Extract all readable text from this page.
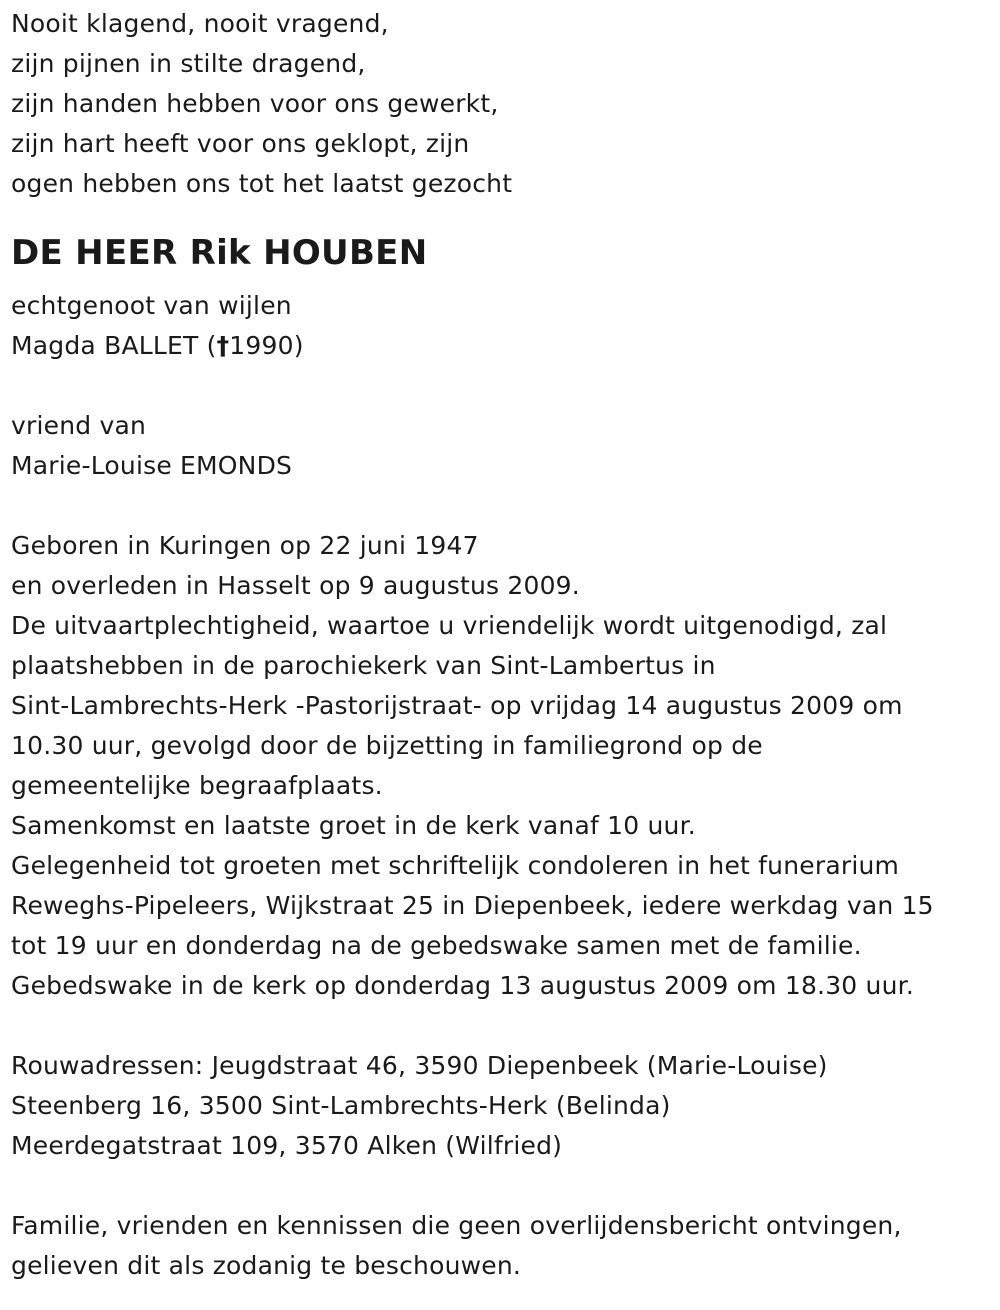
Nooit klagend, nooit vragend,
zijn pijnen in stilte dragend,
zijn handen hebben voor ons gewerkt,
zijn hart heeft voor ons geklopt, zijn
ogen hebben ons tot het laatst gezocht
DE HEER Rik HOUBEN
echtgenoot van wijlen
Magda BALLET (†1990)
vriend van
Marie-Louise EMONDS
Geboren in Kuringen op 22 juni 1947
en overleden in Hasselt op 9 augustus 2009.
De uitvaartplechtigheid, waartoe u vriendelijk wordt uitgenodigd, zal
plaatshebben in de parochiekerk van Sint-Lambertus in
Sint-Lambrechts-Herk -Pastorijstraat- op vrijdag 14 augustus 2009 om
10.30 uur, gevolgd door de bijzetting in familiegrond op de
gemeentelijke begraafplaats.
Samenkomst en laatste groet in de kerk vanaf 10 uur.
Gelegenheid tot groeten met schriftelijk condoleren in het funerarium
Reweghs-Pipeleers, Wijkstraat 25 in Diepenbeek, iedere werkdag van 15
tot 19 uur en donderdag na de gebedswake samen met de familie.
Gebedswake in de kerk op donderdag 13 augustus 2009 om 18.30 uur.
Rouwadressen: Jeugdstraat 46, 3590 Diepenbeek (Marie-Louise)
Steenberg 16, 3500 Sint-Lambrechts-Herk (Belinda)
Meerdegatstraat 109, 3570 Alken (Wilfried)
Familie, vrienden en kennissen die geen overlijdensbericht ontvingen,
gelieven dit als zodanig te beschouwen.
